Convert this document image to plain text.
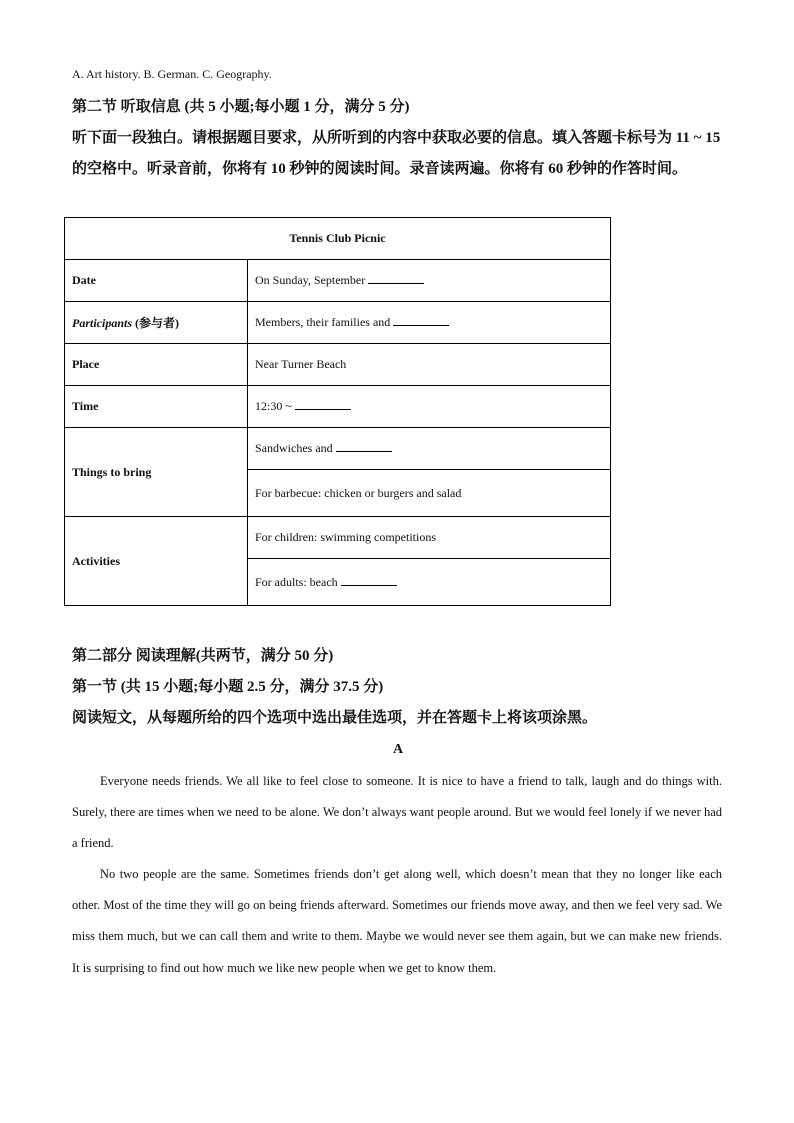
A. Art history. B. German. C. Geography.
第二节 听取信息 (共 5 小题;每小题 1 分，满分 5 分)
听下面一段独白。请根据题目要求，从所听到的内容中获取必要的信息。填入答题卡标号为 11 ~ 15 的空格中。听录音前，你将有 10 秒钟的阅读时间。录音读两遍。你将有 60 秒钟的作答时间。
Tennis Club Picnic	
Date	On Sunday, September
Participants (参与者)	Members, their families and
Place	Near Turner Beach
Time	12:30 ~
Things to bring	Sandwiches and
	For barbecue: chicken or burgers and salad
Activities	For children: swimming competitions
	For adults: beach
第二部分 阅读理解(共两节，满分 50 分)
第一节 (共 15 小题;每小题 2.5 分，满分 37.5 分)
阅读短文，从每题所给的四个选项中选出最佳选项，并在答题卡上将该项涂黑。
A
Everyone needs friends. We all like to feel close to someone. It is nice to have a friend to talk, laugh and do things with. Surely, there are times when we need to be alone. We don’t always want people around. But we would feel lonely if we never had a friend.
No two people are the same. Sometimes friends don’t get along well, which doesn’t mean that they no longer like each other. Most of the time they will go on being friends afterward. Sometimes our friends move away, and then we feel very sad. We miss them much, but we can call them and write to them. Maybe we would never see them again, but we can make new friends. It is surprising to find out how much we like new people when we get to know them.
